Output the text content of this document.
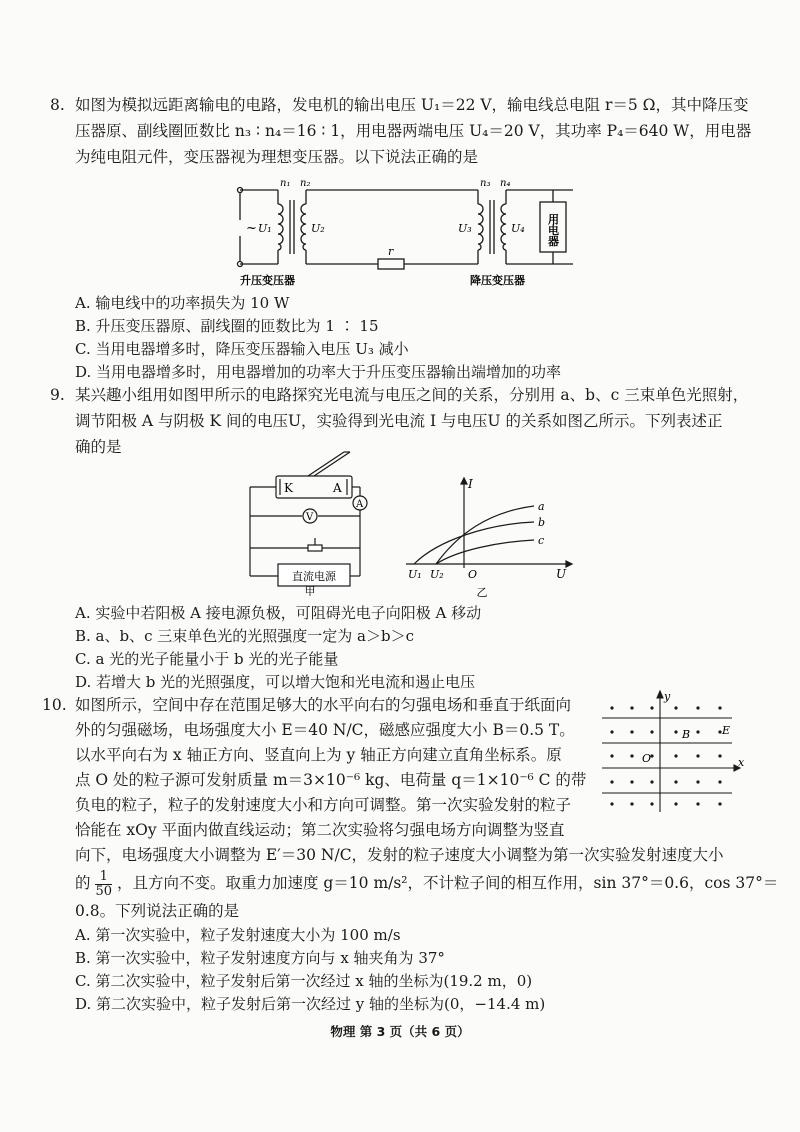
8. 如图为模拟远距离输电的电路，发电机的输出电压 U₁＝22 V，输电线总电阻 r＝5 Ω，其中降压变
压器原、副线圈匝数比 n₃ ∶ n₄＝16 ∶ 1，用电器两端电压 U₄＝20 V，其功率 P₄＝640 W，用电器
为纯电阻元件，变压器视为理想变压器。以下说法正确的是
~
n₁ n₂
U₁	U₂
r
n₃ n₄
U₃	U₄ 用电器
升压变压器	降压变压器
A. 输电线中的功率损失为 10 W
B. 升压变压器原、副线圈的匝数比为 1 ∶ 15
C. 当用电器增多时，降压变压器输入电压 U₃ 减小
D. 当用电器增多时，用电器增加的功率大于升压变压器输出端增加的功率
9. 某兴趣小组用如图甲所示的电路探究光电流与电压之间的关系，分别用 a、b、c 三束单色光照射，
调节阳极 A 与阴极 K 间的电压U，实验得到光电流 I 与电压U 的关系如图乙所示。下列表述正
确的是
K	A
A
V
直流电源
甲
I
U
U₁ U₂ O
a
b
c
乙
A. 实验中若阳极 A 接电源负极，可阻碍光电子向阳极 A 移动
B. a、b、c 三束单色光的光照强度一定为 a＞b＞c
C. a 光的光子能量小于 b 光的光子能量
D. 若增大 b 光的光照强度，可以增大饱和光电流和遏止电压
10. 如图所示，空间中存在范围足够大的水平向右的匀强电场和垂直于纸面向
外的匀强磁场，电场强度大小 E＝40 N/C，磁感应强度大小 B＝0.5 T。
以水平向右为 x 轴正方向、竖直向上为 y 轴正方向建立直角坐标系。原
点 O 处的粒子源可发射质量 m＝3×10⁻⁶ kg、电荷量 q＝1×10⁻⁶ C 的带
负电的粒子，粒子的发射速度大小和方向可调整。第一次实验发射的粒子
恰能在 xOy 平面内做直线运动；第二次实验将匀强电场方向调整为竖直
向下，电场强度大小调整为 E′＝30 N/C，发射的粒子速度大小调整为第一次实验发射速度大小
的 $\frac{1}{50}$ ，且方向不变。取重力加速度 g＝10 m/s²，不计粒子间的相互作用，sin 37°＝0.6，cos 37°＝
0.8。下列说法正确的是
y
x
O
B	E
A. 第一次实验中，粒子发射速度大小为 100 m/s
B. 第一次实验中，粒子发射速度方向与 x 轴夹角为 37°
C. 第二次实验中，粒子发射后第一次经过 x 轴的坐标为(19.2 m，0)
D. 第二次实验中，粒子发射后第一次经过 y 轴的坐标为(0，−14.4 m)
物理 第 3 页（共 6 页）
